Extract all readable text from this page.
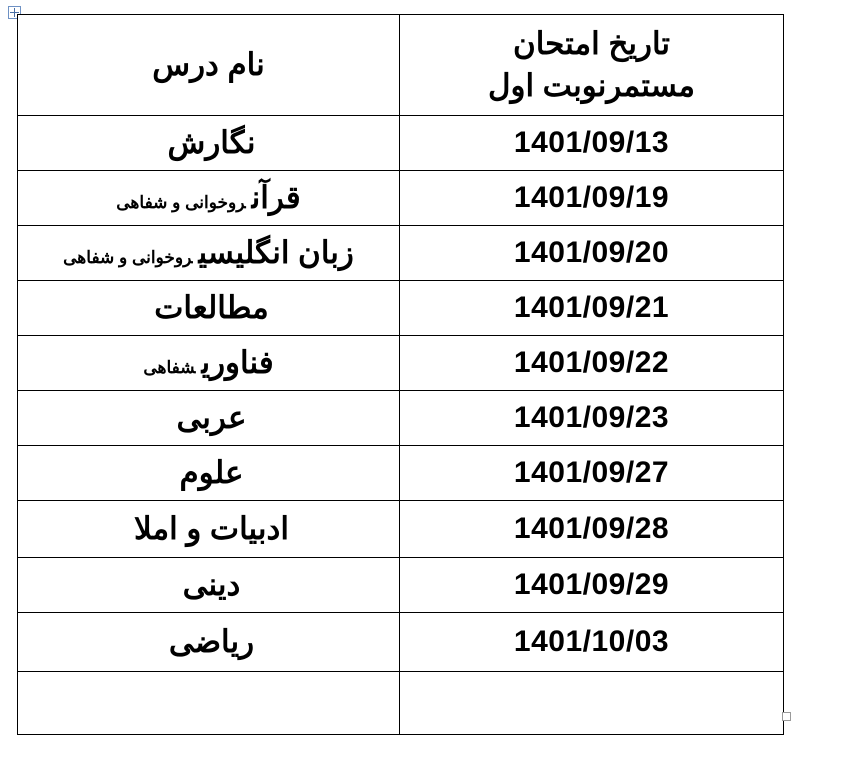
تاریخ امتحان
مستمرنوبت اول	نام درس
1401/09/13	نگارش
1401/09/19	قرآنروخوانی و شفاهی
1401/09/20	زبان انگلیسیروخوانی و شفاهی
1401/09/21	مطالعات
1401/09/22	فناوریشفاهی
1401/09/23	عربی
1401/09/27	علوم
1401/09/28	ادبیات و املا
1401/09/29	دینی
1401/10/03	ریاضی
